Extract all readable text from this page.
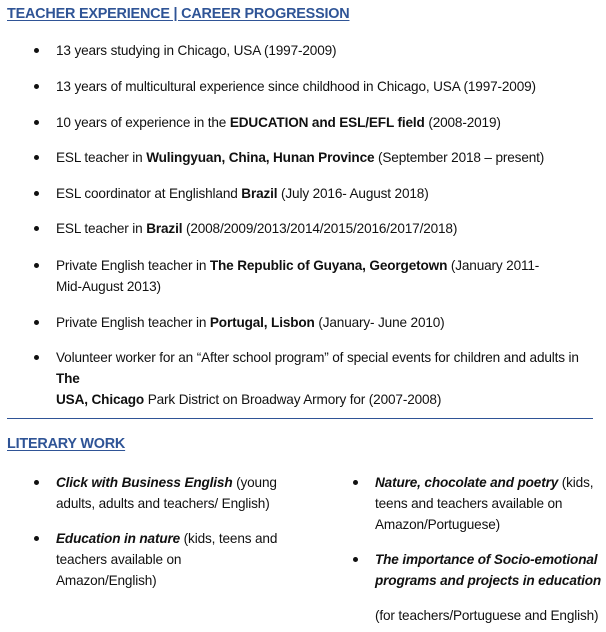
TEACHER EXPERIENCE | CAREER PROGRESSION
13 years studying in Chicago, USA (1997-2009)
13 years of multicultural experience since childhood in Chicago, USA (1997-2009)
10 years of experience in the EDUCATION and ESL/EFL field (2008-2019)
ESL teacher in Wulingyuan, China, Hunan Province (September 2018 – present)
ESL coordinator at Englishland Brazil (July 2016- August 2018)
ESL teacher in Brazil (2008/2009/2013/2014/2015/2016/2017/2018)
Private English teacher in The Republic of Guyana, Georgetown (January 2011-
Mid-August 2013)
Private English teacher in Portugal, Lisbon (January- June 2010)
Volunteer worker for an “After school program” of special events for children and adults in The
USA, Chicago Park District on Broadway Armory for (2007-2008)
LITERARY WORK
Click with Business English (young
adults, adults and teachers/ English)
Education in nature (kids, teens and
teachers available on
Amazon/English)
Nature, chocolate and poetry (kids,
teens and teachers available on
Amazon/Portuguese)
The importance of Socio-emotional
programs and projects in education
(for teachers/Portuguese and English)
